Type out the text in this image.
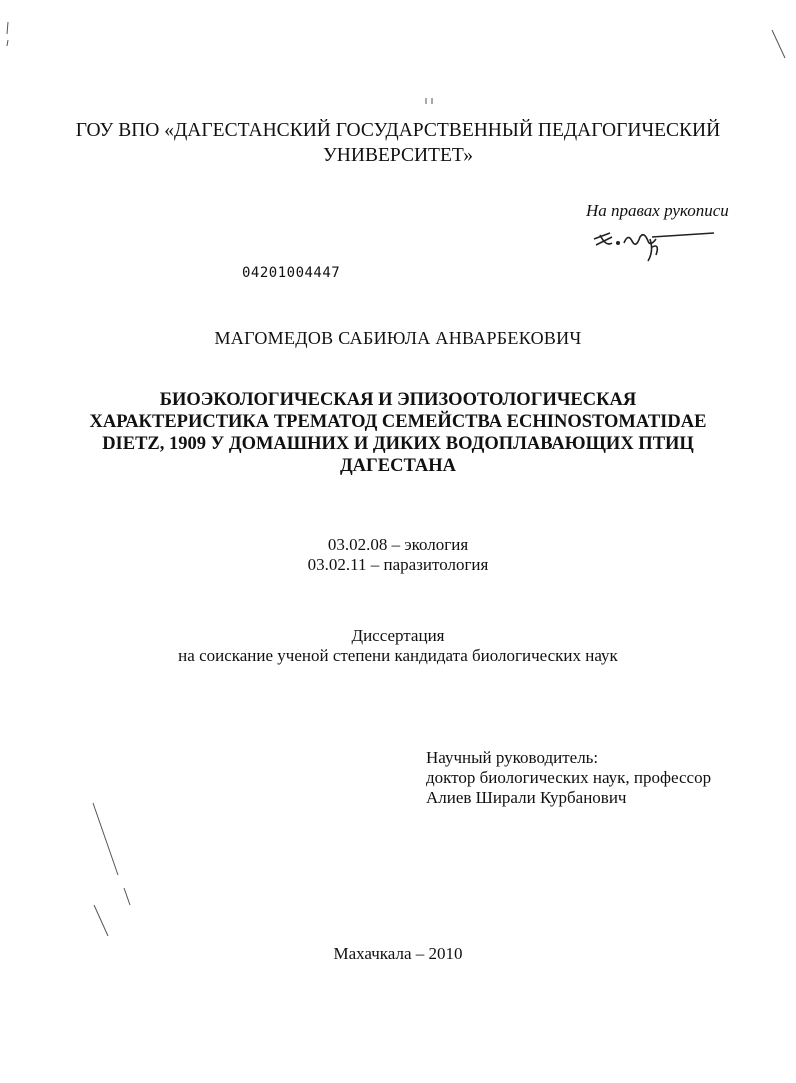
ГОУ ВПО «ДАГЕСТАНСКИЙ ГОСУДАРСТВЕННЫЙ ПЕДАГОГИЧЕСКИЙ
УНИВЕРСИТЕТ»
На правах рукописи
04201004447
МАГОМЕДОВ САБИЮЛА АНВАРБЕКОВИЧ
БИОЭКОЛОГИЧЕСКАЯ И ЭПИЗООТОЛОГИЧЕСКАЯ
ХАРАКТЕРИСТИКА ТРЕМАТОД СЕМЕЙСТВА ECHINOSTOMATIDAE
DIETZ, 1909 У ДОМАШНИХ И ДИКИХ ВОДОПЛАВАЮЩИХ ПТИЦ
ДАГЕСТАНА
03.02.08 – экология
03.02.11 – паразитология
Диссертация
на соискание ученой степени кандидата биологических наук
Научный руководитель:
доктор биологических наук, профессор
Алиев Ширали Курбанович
Махачкала – 2010
